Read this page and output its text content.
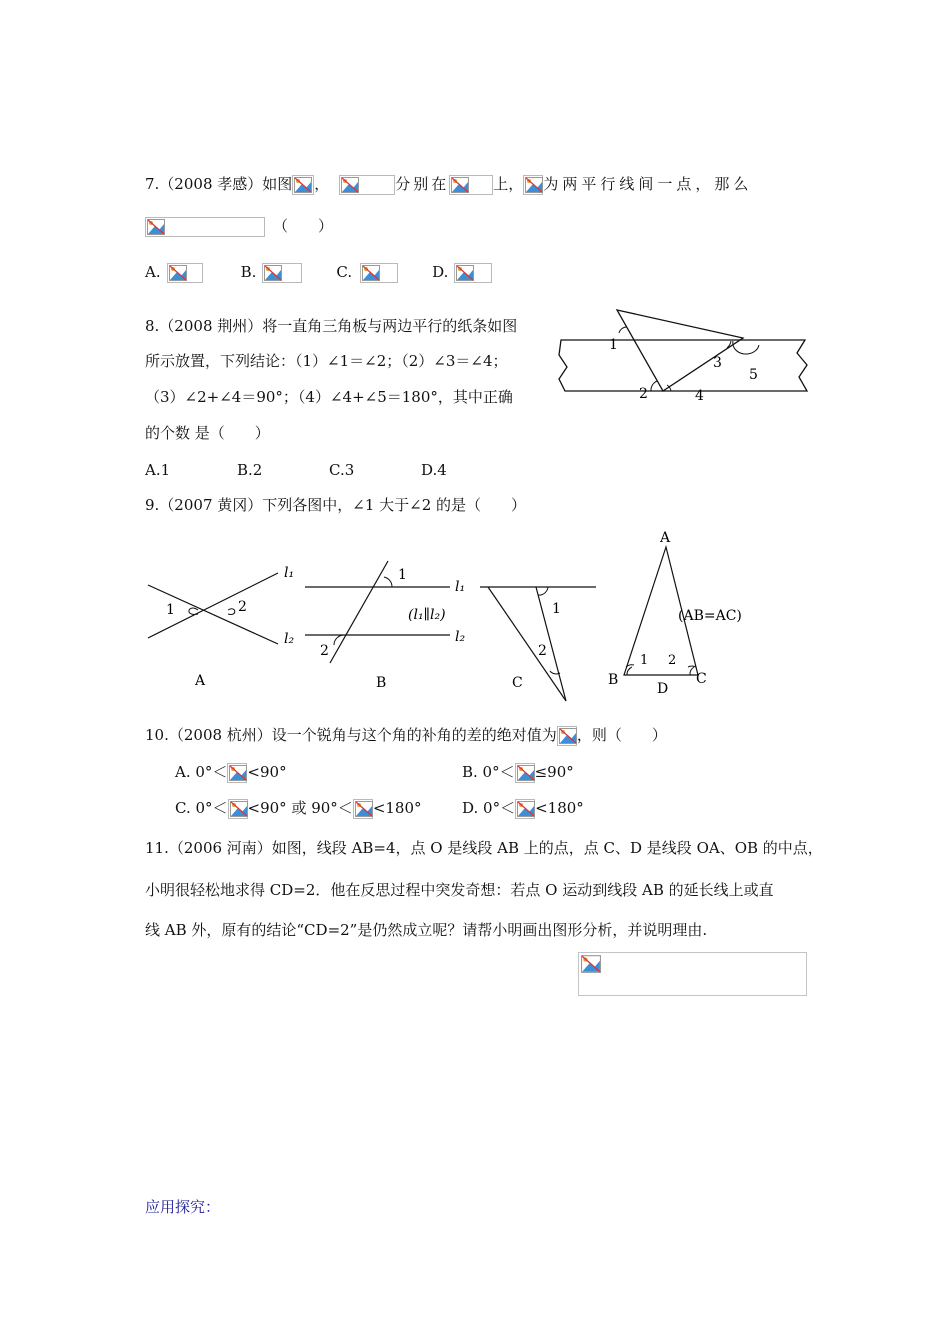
7.（2008 孝感）如图 ，	分别在	上， 为两平行线间一点，那么
（　　）
A.	B.	C.	D.
8.（2008 荆州）将一直角三角板与两边平行的纸条如图
所示放置，下列结论：（1）∠1＝∠2；（2）∠3＝∠4；
（3）∠2+∠4＝90°；（4）∠4+∠5＝180°，其中正确
的个数 是（　　）
A.1	B.2	C.3	D.4
1
2
3
4
5
9.（2007 黄冈）下列各图中，∠1 大于∠2 的是（　　）
1	2
l₁
l₂
A
1
2
l₁
l₂
(l₁∥l₂)
B
1
2
C
A
B	C
D
1 2
(AB=AC)
10.（2008 杭州）设一个锐角与这个角的补角的差的绝对值为 ，则（　　）
A. 0°＜ <90°	B. 0°＜ ≤90°
C. 0°＜ <90° 或 90°＜ <180°	D. 0°＜ <180°
11.（2006 河南）如图，线段 AB=4，点 O 是线段 AB 上的点，点 C、D 是线段 OA、OB 的中点，
小明很轻松地求得 CD=2．他在反思过程中突发奇想：若点 O 运动到线段 AB 的延长线上或直
线 AB 外，原有的结论“CD=2”是仍然成立呢？请帮小明画出图形分析，并说明理由.
应用探究：
